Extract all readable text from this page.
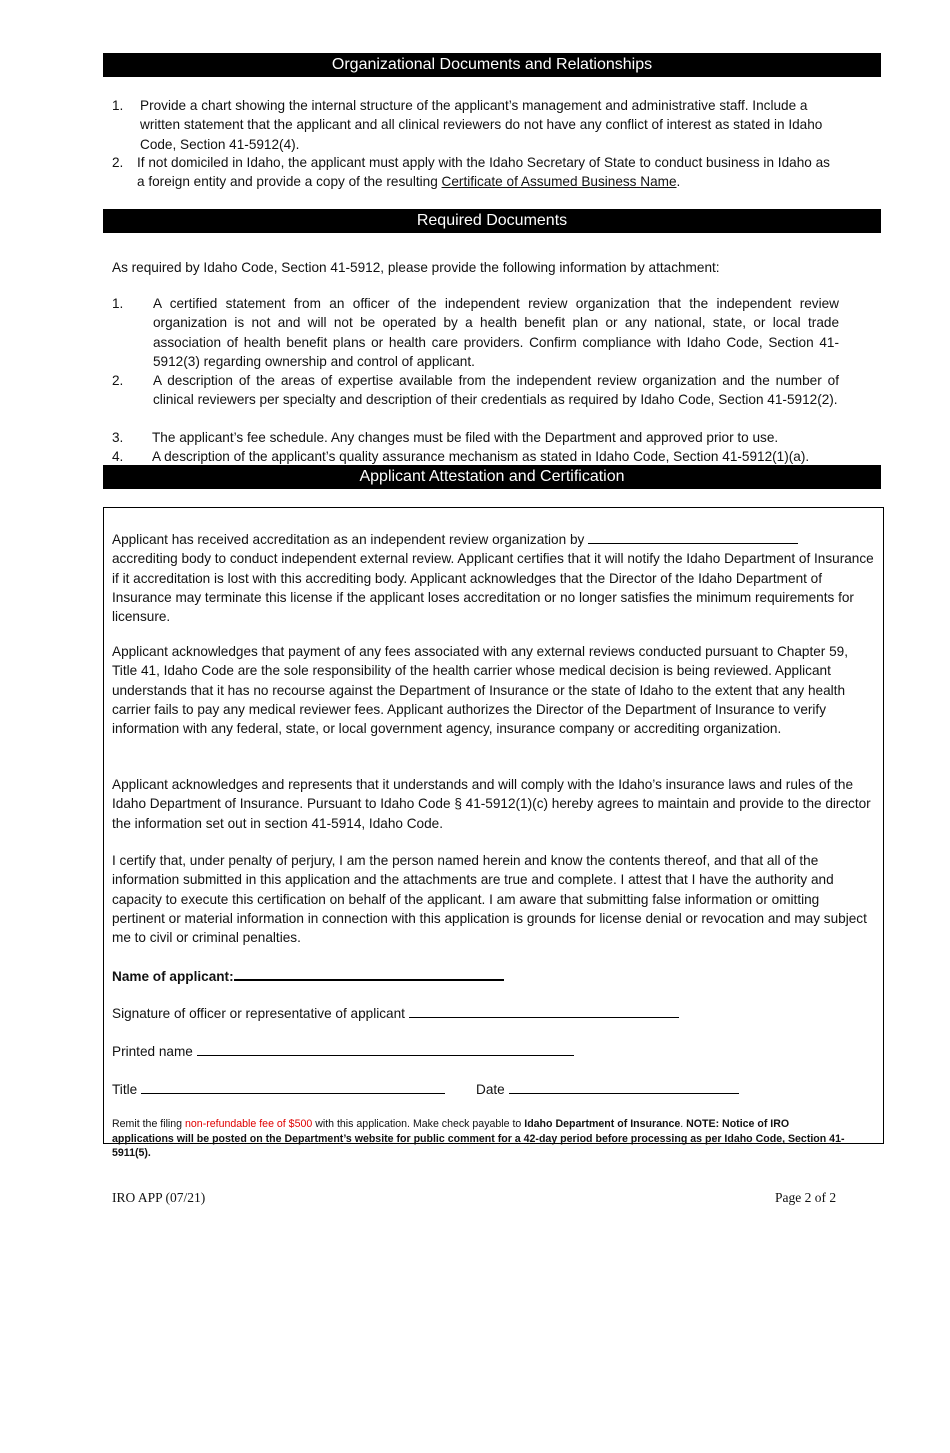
Organizational Documents and Relationships
1. Provide a chart showing the internal structure of the applicant’s management and administrative staff. Include a written statement that the applicant and all clinical reviewers do not have any conflict of interest as stated in Idaho Code, Section 41-5912(4).
2. If not domiciled in Idaho, the applicant must apply with the Idaho Secretary of State to conduct business in Idaho as a foreign entity and provide a copy of the resulting Certificate of Assumed Business Name.
Required Documents
As required by Idaho Code, Section 41-5912, please provide the following information by attachment:
1. A certified statement from an officer of the independent review organization that the independent review organization is not and will not be operated by a health benefit plan or any national, state, or local trade association of health benefit plans or health care providers. Confirm compliance with Idaho Code, Section 41-5912(3) regarding ownership and control of applicant.
2. A description of the areas of expertise available from the independent review organization and the number of clinical reviewers per specialty and description of their credentials as required by Idaho Code, Section 41-5912(2).
3. The applicant’s fee schedule. Any changes must be filed with the Department and approved prior to use.
4. A description of the applicant’s quality assurance mechanism as stated in Idaho Code, Section 41-5912(1)(a).
Applicant Attestation and Certification
Applicant has received accreditation as an independent review organization by
accrediting body to conduct independent external review. Applicant certifies that it will notify the Idaho Department of Insurance if it accreditation is lost with this accrediting body. Applicant acknowledges that the Director of the Idaho Department of Insurance may terminate this license if the applicant loses accreditation or no longer satisfies the minimum requirements for licensure.
Applicant acknowledges that payment of any fees associated with any external reviews conducted pursuant to Chapter 59, Title 41, Idaho Code are the sole responsibility of the health carrier whose medical decision is being reviewed. Applicant understands that it has no recourse against the Department of Insurance or the state of Idaho to the extent that any health carrier fails to pay any medical reviewer fees. Applicant authorizes the Director of the Department of Insurance to verify information with any federal, state, or local government agency, insurance company or accrediting organization.
Applicant acknowledges and represents that it understands and will comply with the Idaho’s insurance laws and rules of the Idaho Department of Insurance. Pursuant to Idaho Code § 41-5912(1)(c) hereby agrees to maintain and provide to the director the information set out in section 41-5914, Idaho Code.
I certify that, under penalty of perjury, I am the person named herein and know the contents thereof, and that all of the information submitted in this application and the attachments are true and complete. I attest that I have the authority and capacity to execute this certification on behalf of the applicant. I am aware that submitting false information or omitting pertinent or material information in connection with this application is grounds for license denial or revocation and may subject me to civil or criminal penalties.
Name of applicant:
Signature of officer or representative of applicant
Printed name
Title	Date
Remit the filing non-refundable fee of $500 with this application. Make check payable to Idaho Department of Insurance. NOTE: Notice of IRO applications will be posted on the Department’s website for public comment for a 42-day period before processing as per Idaho Code, Section 41-5911(5).
IRO APP (07/21)	Page 2 of 2
